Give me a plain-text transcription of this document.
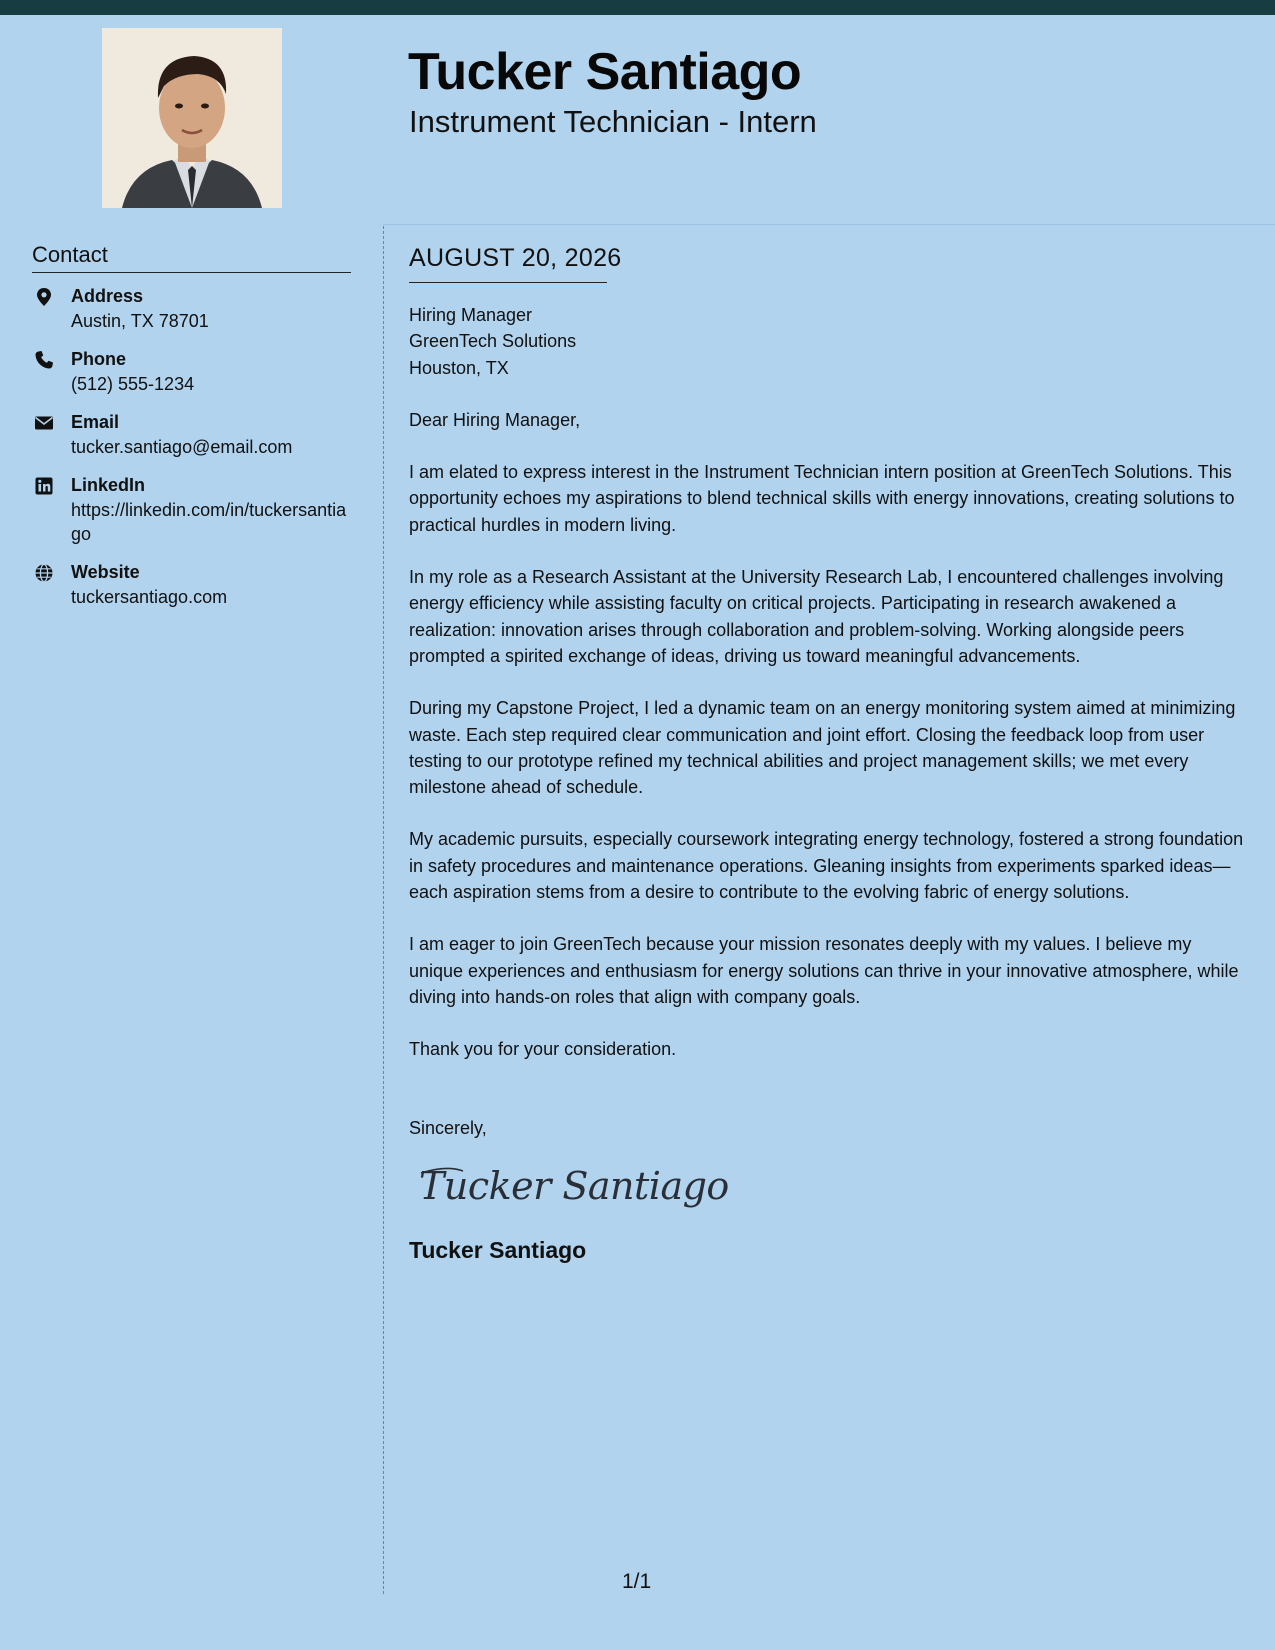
Tucker Santiago
Instrument Technician - Intern
Contact
Address
Austin, TX 78701
Phone
(512) 555-1234
Email
tucker.santiago@email.com
LinkedIn
https://linkedin.com/in/tuckersantiago
Website
tuckersantiago.com
AUGUST 20, 2026

Hiring Manager
GreenTech Solutions
Houston, TX

Dear Hiring Manager,

I am elated to express interest in the Instrument Technician intern position at GreenTech Solutions. This opportunity echoes my aspirations to blend technical skills with energy innovations, creating solutions to practical hurdles in modern living.

In my role as a Research Assistant at the University Research Lab, I encountered challenges involving energy efficiency while assisting faculty on critical projects. Participating in research awakened a realization: innovation arises through collaboration and problem-solving. Working alongside peers prompted a spirited exchange of ideas, driving us toward meaningful advancements.

During my Capstone Project, I led a dynamic team on an energy monitoring system aimed at minimizing waste. Each step required clear communication and joint effort. Closing the feedback loop from user testing to our prototype refined my technical abilities and project management skills; we met every milestone ahead of schedule.

My academic pursuits, especially coursework integrating energy technology, fostered a strong foundation in safety procedures and maintenance operations. Gleaning insights from experiments sparked ideas—each aspiration stems from a desire to contribute to the evolving fabric of energy solutions.

I am eager to join GreenTech because your mission resonates deeply with my values. I believe my unique experiences and enthusiasm for energy solutions can thrive in your innovative atmosphere, while diving into hands-on roles that align with company goals.

Thank you for your consideration.

Sincerely,

Tucker Santiago
Tucker Santiago
1/1
